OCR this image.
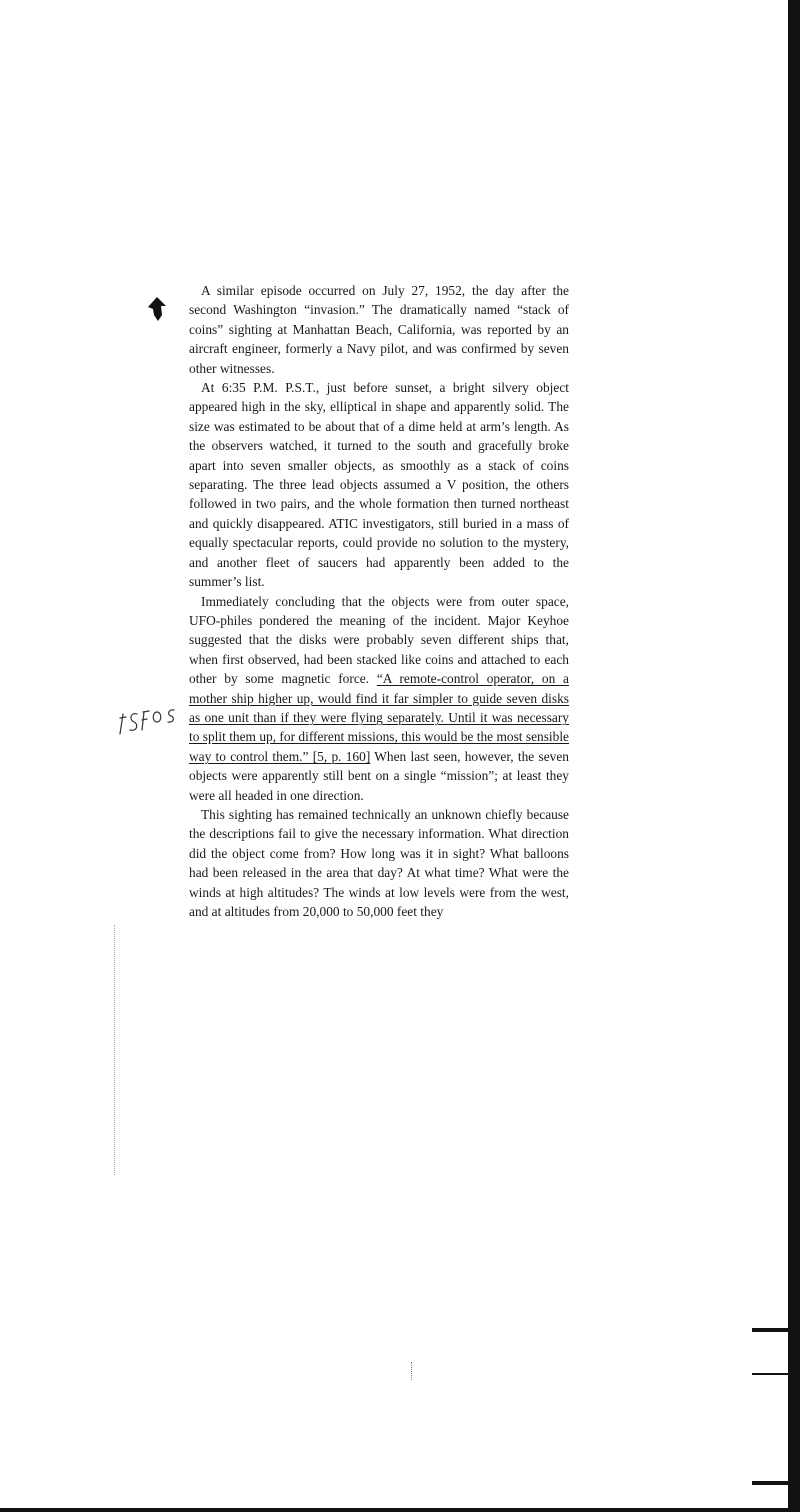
A similar episode occurred on July 27, 1952, the day after the second Washington “invasion.” The dramatically named “stack of coins” sighting at Manhattan Beach, California, was reported by an aircraft engineer, formerly a Navy pilot, and was confirmed by seven other witnesses.

At 6:35 P.M. P.S.T., just before sunset, a bright silvery object appeared high in the sky, elliptical in shape and apparently solid. The size was estimated to be about that of a dime held at arm’s length. As the observers watched, it turned to the south and gracefully broke apart into seven smaller objects, as smoothly as a stack of coins separating. The three lead objects assumed a V position, the others followed in two pairs, and the whole formation then turned northeast and quickly disappeared. ATIC investigators, still buried in a mass of equally spectacular reports, could provide no solution to the mystery, and another fleet of saucers had apparently been added to the summer’s list.

Immediately concluding that the objects were from outer space, UFO-philes pondered the meaning of the incident. Major Keyhoe suggested that the disks were probably seven different ships that, when first observed, had been stacked like coins and attached to each other by some magnetic force. “A remote-control operator, on a mother ship higher up, would find it far simpler to guide seven disks as one unit than if they were flying separately. Until it was necessary to split them up, for different missions, this would be the most sensible way to control them.” [5, p. 160] When last seen, however, the seven objects were apparently still bent on a single “mission”; at least they were all headed in one direction.

This sighting has remained technically an unknown chiefly because the descriptions fail to give the necessary information. What direction did the object come from? How long was it in sight? What balloons had been released in the area that day? At what time? What were the winds at high altitudes? The winds at low levels were from the west, and at altitudes from 20,000 to 50,000 feet they
